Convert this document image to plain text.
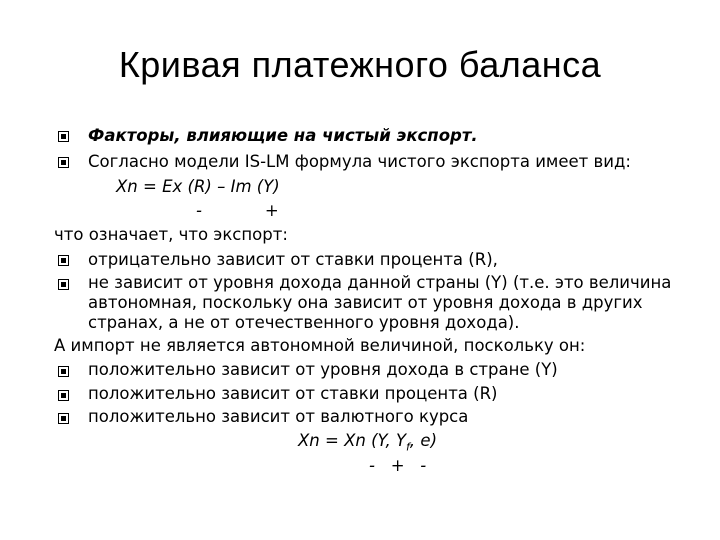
Кривая платежного баланса
Факторы, влияющие на чистый экспорт.
Согласно модели IS-LM формула чистого экспорта имеет вид:
Xn = Ex (R) – Im (Y)
-            +
что означает, что экспорт:
отрицательно зависит от ставки процента (R),
не зависит от уровня дохода данной страны (Y) (т.е. это величина
автономная, поскольку она зависит от уровня дохода в других
странах, а не от отечественного уровня дохода).
А импорт не является автономной величиной, поскольку он:
положительно зависит от уровня дохода в стране (Y)
положительно зависит от ставки процента (R)
положительно зависит от валютного курса
Xn = Xn (Y, $Y_f$, e)
-   +   -
